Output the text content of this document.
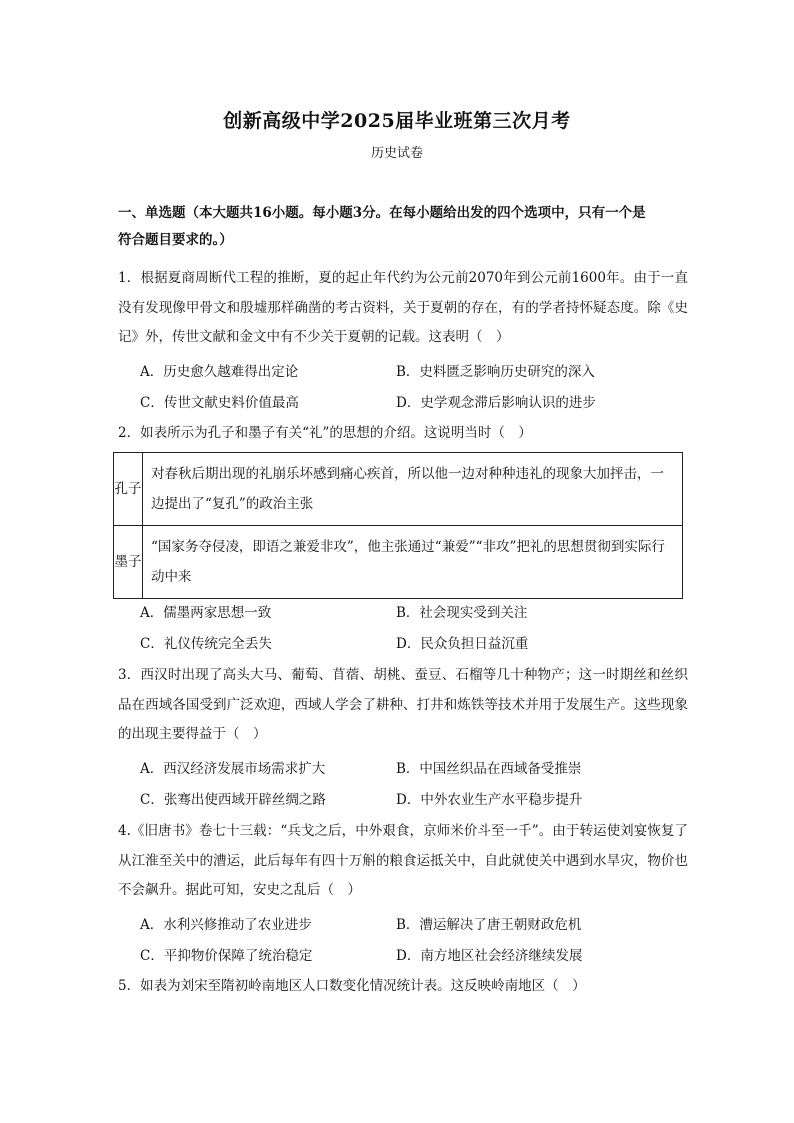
创新高级中学2025届毕业班第三次月考
历史试卷
一、单选题（本大题共16小题。每小题3分。在每小题给出发的四个选项中，只有一个是
符合题目要求的。）
1．根据夏商周断代工程的推断，夏的起止年代约为公元前2070年到公元前1600年。由于一直没有发现像甲骨文和殷墟那样确凿的考古资料，关于夏朝的存在，有的学者持怀疑态度。除《史记》外，传世文献和金文中有不少关于夏朝的记载。这表明（　）
A．历史愈久越难得出定论	B．史料匮乏影响历史研究的深入
C．传世文献史料价值最高	D．史学观念滞后影响认识的进步
2．如表所示为孔子和墨子有关“礼”的思想的介绍。这说明当时（　）
孔子	对春秋后期出现的礼崩乐坏感到痛心疾首，所以他一边对种种违礼的现象大加抨击，一边提出了“复孔”的政治主张
墨子	“国家务夺侵凌，即语之兼爱非攻”，他主张通过“兼爱”“非攻”把礼的思想贯彻到实际行动中来
A．儒墨两家思想一致	B．社会现实受到关注
C．礼仪传统完全丢失	D．民众负担日益沉重
3．西汉时出现了高头大马、葡萄、苜蓿、胡桃、蚕豆、石榴等几十种物产；这一时期丝和丝织品在西域各国受到广泛欢迎，西域人学会了耕种、打井和炼铁等技术并用于发展生产。这些现象的出现主要得益于（　）
A．西汉经济发展市场需求扩大	B．中国丝织品在西域备受推崇
C．张骞出使西域开辟丝绸之路	D．中外农业生产水平稳步提升
4.《旧唐书》卷七十三载：“兵戈之后，中外艰食，京师米价斗至一千”。由于转运使刘宴恢复了从江淮至关中的漕运，此后每年有四十万斛的粮食运抵关中，自此就使关中遇到水旱灾，物价也不会飙升。据此可知，安史之乱后（　）
A．水利兴修推动了农业进步	B．漕运解决了唐王朝财政危机
C．平抑物价保障了统治稳定	D．南方地区社会经济继续发展
5．如表为刘宋至隋初岭南地区人口数变化情况统计表。这反映岭南地区（　）
